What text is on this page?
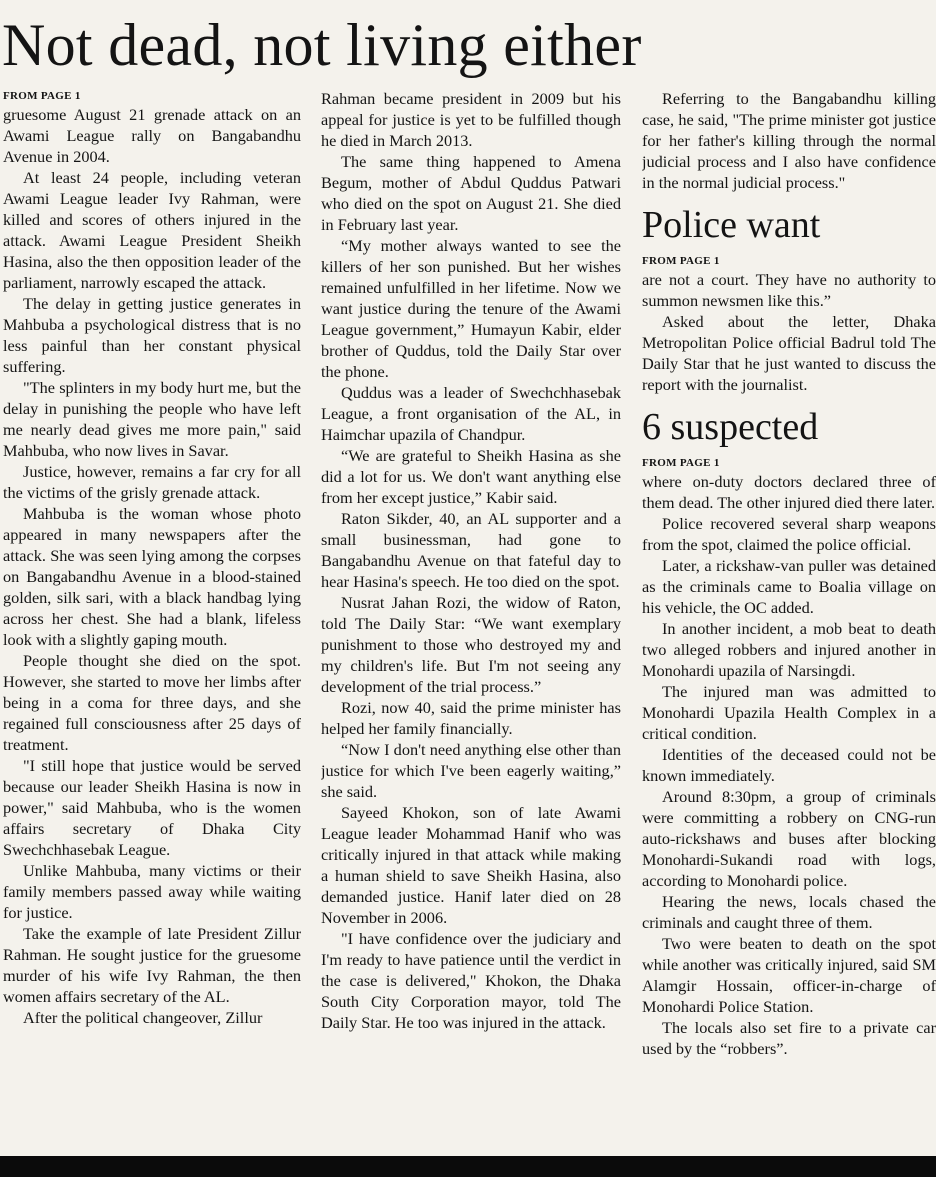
Not dead, not living either
FROM PAGE 1

gruesome August 21 grenade attack on an Awami League rally on Bangabandhu Avenue in 2004.

At least 24 people, including veteran Awami League leader Ivy Rahman, were killed and scores of others injured in the attack. Awami League President Sheikh Hasina, also the then opposition leader of the parliament, narrowly escaped the attack.

The delay in getting justice generates in Mahbuba a psychological distress that is no less painful than her constant physical suffering.

"The splinters in my body hurt me, but the delay in punishing the people who have left me nearly dead gives me more pain," said Mahbuba, who now lives in Savar.

Justice, however, remains a far cry for all the victims of the grisly grenade attack.

Mahbuba is the woman whose photo appeared in many newspapers after the attack. She was seen lying among the corpses on Bangabandhu Avenue in a blood-stained golden, silk sari, with a black handbag lying across her chest. She had a blank, lifeless look with a slightly gaping mouth.

People thought she died on the spot. However, she started to move her limbs after being in a coma for three days, and she regained full consciousness after 25 days of treatment.

"I still hope that justice would be served because our leader Sheikh Hasina is now in power," said Mahbuba, who is the women affairs secretary of Dhaka City Swechchhasebak League.

Unlike Mahbuba, many victims or their family members passed away while waiting for justice.

Take the example of late President Zillur Rahman. He sought justice for the gruesome murder of his wife Ivy Rahman, the then women affairs secretary of the AL.

After the political changeover, Zillur

Rahman became president in 2009 but his appeal for justice is yet to be fulfilled though he died in March 2013.

The same thing happened to Amena Begum, mother of Abdul Quddus Patwari who died on the spot on August 21. She died in February last year.

“My mother always wanted to see the killers of her son punished. But her wishes remained unfulfilled in her lifetime. Now we want justice during the tenure of the Awami League government,” Humayun Kabir, elder brother of Quddus, told the Daily Star over the phone.

Quddus was a leader of Swechchhasebak League, a front organisation of the AL, in Haimchar upazila of Chandpur.

“We are grateful to Sheikh Hasina as she did a lot for us. We don't want anything else from her except justice,” Kabir said.

Raton Sikder, 40, an AL supporter and a small businessman, had gone to Bangabandhu Avenue on that fateful day to hear Hasina's speech. He too died on the spot.

Nusrat Jahan Rozi, the widow of Raton, told The Daily Star: “We want exemplary punishment to those who destroyed my and my children's life. But I'm not seeing any development of the trial process.”

Rozi, now 40, said the prime minister has helped her family financially.

“Now I don't need anything else other than justice for which I've been eagerly waiting,” she said.

Sayeed Khokon, son of late Awami League leader Mohammad Hanif who was critically injured in that attack while making a human shield to save Sheikh Hasina, also demanded justice. Hanif later died on 28 November in 2006.

"I have confidence over the judiciary and I'm ready to have patience until the verdict in the case is delivered," Khokon, the Dhaka South City Corporation mayor, told The Daily Star. He too was injured in the attack.

Referring to the Bangabandhu killing case, he said, "The prime minister got justice for her father's killing through the normal judicial process and I also have confidence in the normal judicial process."

Police want
FROM PAGE 1

are not a court. They have no authority to summon newsmen like this.”

Asked about the letter, Dhaka Metropolitan Police official Badrul told The Daily Star that he just wanted to discuss the report with the journalist.

6 suspected
FROM PAGE 1

where on-duty doctors declared three of them dead. The other injured died there later.

Police recovered several sharp weapons from the spot, claimed the police official.

Later, a rickshaw-van puller was detained as the criminals came to Boalia village on his vehicle, the OC added.

In another incident, a mob beat to death two alleged robbers and injured another in Monohardi upazila of Narsingdi.

The injured man was admitted to Monohardi Upazila Health Complex in a critical condition.

Identities of the deceased could not be known immediately.

Around 8:30pm, a group of criminals were committing a robbery on CNG-run auto-rickshaws and buses after blocking Monohardi-Sukandi road with logs, according to Monohardi police.

Hearing the news, locals chased the criminals and caught three of them.

Two were beaten to death on the spot while another was critically injured, said SM Alamgir Hossain, officer-in-charge of Monohardi Police Station.

The locals also set fire to a private car used by the “robbers”.
